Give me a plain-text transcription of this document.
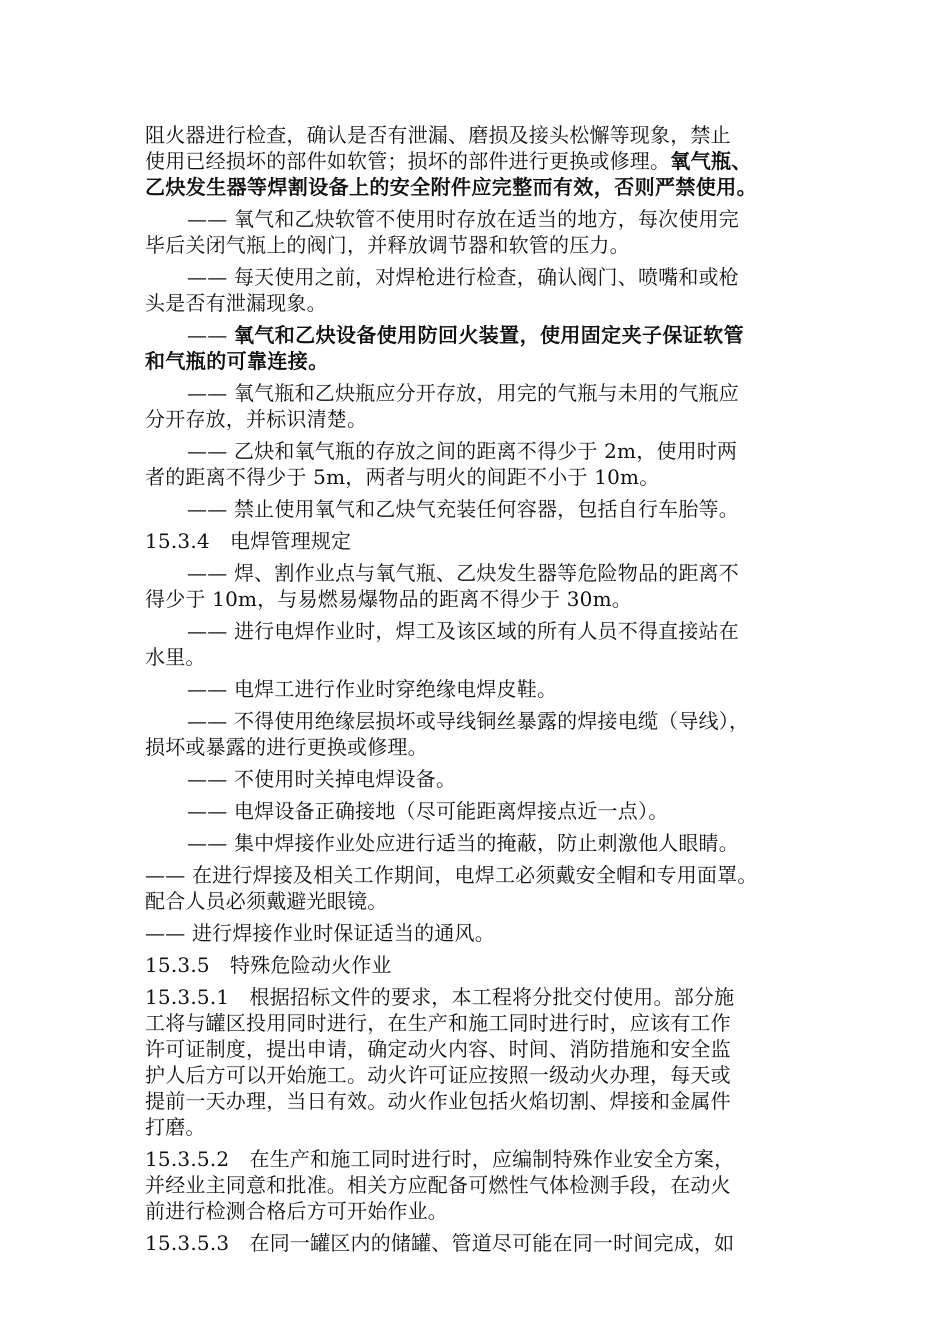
阻火器进行检查，确认是否有泄漏、磨损及接头松懈等现象，禁止
使用已经损坏的部件如软管；损坏的部件进行更换或修理。氧气瓶、
乙炔发生器等焊割设备上的安全附件应完整而有效，否则严禁使用。
—— 氧气和乙炔软管不使用时存放在适当的地方，每次使用完
毕后关闭气瓶上的阀门，并释放调节器和软管的压力。
—— 每天使用之前，对焊枪进行检查，确认阀门、喷嘴和或枪
头是否有泄漏现象。
—— 氧气和乙炔设备使用防回火装置，使用固定夹子保证软管
和气瓶的可靠连接。
—— 氧气瓶和乙炔瓶应分开存放，用完的气瓶与未用的气瓶应
分开存放，并标识清楚。
—— 乙炔和氧气瓶的存放之间的距离不得少于 2m，使用时两
者的距离不得少于 5m，两者与明火的间距不小于 10m。
—— 禁止使用氧气和乙炔气充装任何容器，包括自行车胎等。
15.3.4　电焊管理规定
—— 焊、割作业点与氧气瓶、乙炔发生器等危险物品的距离不
得少于 10m，与易燃易爆物品的距离不得少于 30m。
—— 进行电焊作业时，焊工及该区域的所有人员不得直接站在
水里。
—— 电焊工进行作业时穿绝缘电焊皮鞋。
—— 不得使用绝缘层损坏或导线铜丝暴露的焊接电缆（导线），
损坏或暴露的进行更换或修理。
—— 不使用时关掉电焊设备。
—— 电焊设备正确接地（尽可能距离焊接点近一点）。
—— 集中焊接作业处应进行适当的掩蔽，防止刺激他人眼睛。
—— 在进行焊接及相关工作期间，电焊工必须戴安全帽和专用面罩。
配合人员必须戴避光眼镜。
—— 进行焊接作业时保证适当的通风。
15.3.5　特殊危险动火作业
15.3.5.1　根据招标文件的要求，本工程将分批交付使用。部分施
工将与罐区投用同时进行，在生产和施工同时进行时，应该有工作
许可证制度，提出申请，确定动火内容、时间、消防措施和安全监
护人后方可以开始施工。动火许可证应按照一级动火办理，每天或
提前一天办理，当日有效。动火作业包括火焰切割、焊接和金属件
打磨。
15.3.5.2　在生产和施工同时进行时，应编制特殊作业安全方案，
并经业主同意和批准。相关方应配备可燃性气体检测手段，在动火
前进行检测合格后方可开始作业。
15.3.5.3　在同一罐区内的储罐、管道尽可能在同一时间完成，如
